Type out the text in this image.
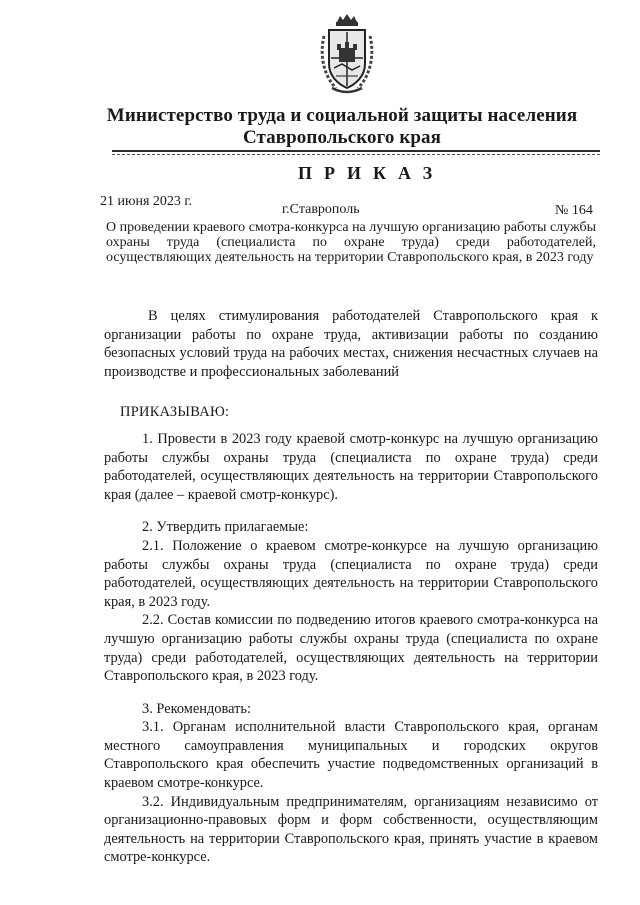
Министерство труда и социальной защиты населения
Ставропольского края
ПРИКАЗ
21 июня 2023 г.
г.Ставрополь	№ 164
О проведении краевого смотра-конкурса на лучшую организацию работы службы охраны труда (специалиста по охране труда) среди работодателей, осуществляющих деятельность на территории Ставропольского края, в 2023 году

В целях стимулирования работодателей Ставропольского края к организации работы по охране труда, активизации работы по созданию безопасных условий труда на рабочих местах, снижения несчастных случаев на производстве и профессиональных заболеваний

ПРИКАЗЫВАЮ:

1. Провести в 2023 году краевой смотр-конкурс на лучшую организацию работы службы охраны труда (специалиста по охране труда) среди работодателей, осуществляющих деятельность на территории Ставропольского края (далее – краевой смотр-конкурс).

2. Утвердить прилагаемые:

2.1. Положение о краевом смотре-конкурсе на лучшую организацию работы службы охраны труда (специалиста по охране труда) среди работодателей, осуществляющих деятельность на территории Ставропольского края, в 2023 году.

2.2. Состав комиссии по подведению итогов краевого смотра-конкурса на лучшую организацию работы службы охраны труда (специалиста по охране труда) среди работодателей, осуществляющих деятельность на территории Ставропольского края, в 2023 году.

3. Рекомендовать:

3.1. Органам исполнительной власти Ставропольского края, органам местного самоуправления муниципальных и городских округов Ставропольского края обеспечить участие подведомственных организаций в краевом смотре-конкурсе.

3.2. Индивидуальным предпринимателям, организациям независимо от организационно-правовых форм и форм собственности, осуществляющим деятельность на территории Ставропольского края, принять участие в краевом смотре-конкурсе.
